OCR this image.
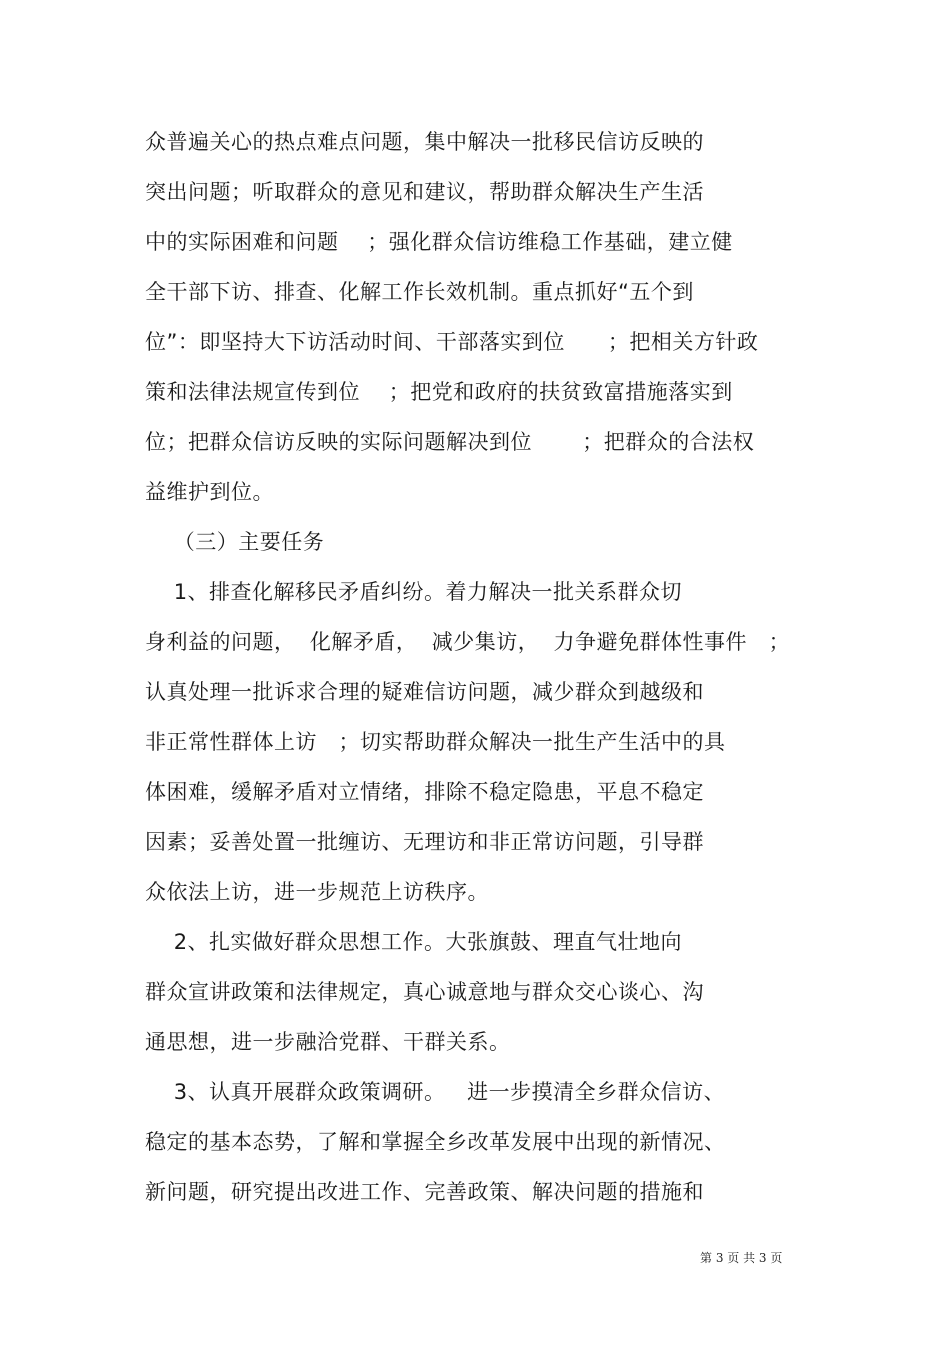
众普遍关心的热点难点问题，集中解决一批移民信访反映的
突出问题；听取群众的意见和建议，帮助群众解决生产生活
中的实际困难和问题    ；强化群众信访维稳工作基础，建立健
全干部下访、排查、化解工作长效机制。重点抓好“五个到
位”：即坚持大下访活动时间、干部落实到位      ；把相关方针政
策和法律法规宣传到位    ；把党和政府的扶贫致富措施落实到
位；把群众信访反映的实际问题解决到位       ；把群众的合法权
益维护到位。
（三）主要任务
1、排查化解移民矛盾纠纷。着力解决一批关系群众切
身利益的问题，  化解矛盾，  减少集访，  力争避免群体性事件   ；
认真处理一批诉求合理的疑难信访问题，减少群众到越级和
非正常性群体上访   ；切实帮助群众解决一批生产生活中的具
体困难，缓解矛盾对立情绪，排除不稳定隐患，平息不稳定
因素；妥善处置一批缠访、无理访和非正常访问题，引导群
众依法上访，进一步规范上访秩序。
2、扎实做好群众思想工作。大张旗鼓、理直气壮地向
群众宣讲政策和法律规定，真心诚意地与群众交心谈心、沟
通思想，进一步融洽党群、干群关系。
3、认真开展群众政策调研。   进一步摸清全乡群众信访、
稳定的基本态势，了解和掌握全乡改革发展中出现的新情况、
新问题，研究提出改进工作、完善政策、解决问题的措施和
第 3 页 共 3 页
